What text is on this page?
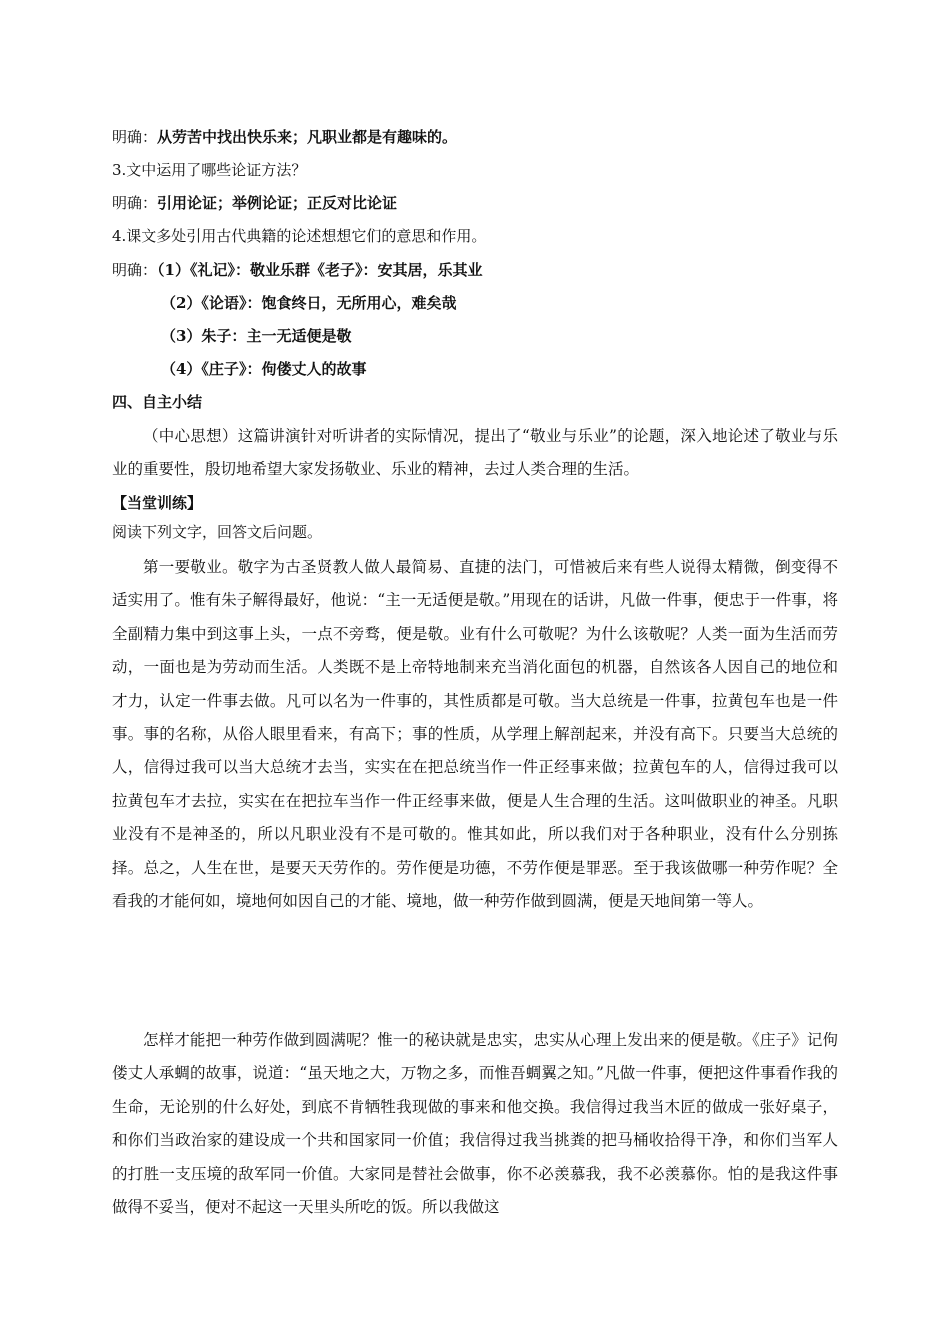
明确：从劳苦中找出快乐来；凡职业都是有趣味的。
3.文中运用了哪些论证方法？
明确：引用论证；举例论证；正反对比论证
4.课文多处引用古代典籍的论述想想它们的意思和作用。
明确：（1）《礼记》：敬业乐群《老子》：安其居，乐其业
（2）《论语》：饱食终日，无所用心，难矣哉
（3）朱子：主一无适便是敬
（4）《庄子》：佝偻丈人的故事
四、自主小结
（中心思想）这篇讲演针对听讲者的实际情况，提出了“敬业与乐业”的论题，深入地论述了敬业与乐业的重要性，殷切地希望大家发扬敬业、乐业的精神，去过人类合理的生活。
【当堂训练】
阅读下列文字，回答文后问题。
第一要敬业。敬字为古圣贤教人做人最简易、直捷的法门，可惜被后来有些人说得太精微，倒变得不适实用了。惟有朱子解得最好，他说：“主一无适便是敬。”用现在的话讲，凡做一件事，便忠于一件事，将全副精力集中到这事上头，一点不旁骛，便是敬。业有什么可敬呢？为什么该敬呢？人类一面为生活而劳动，一面也是为劳动而生活。人类既不是上帝特地制来充当消化面包的机器，自然该各人因自己的地位和才力，认定一件事去做。凡可以名为一件事的，其性质都是可敬。当大总统是一件事，拉黄包车也是一件事。事的名称，从俗人眼里看来，有高下；事的性质，从学理上解剖起来，并没有高下。只要当大总统的人，信得过我可以当大总统才去当，实实在在把总统当作一件正经事来做；拉黄包车的人，信得过我可以拉黄包车才去拉，实实在在把拉车当作一件正经事来做，便是人生合理的生活。这叫做职业的神圣。凡职业没有不是神圣的，所以凡职业没有不是可敬的。惟其如此，所以我们对于各种职业，没有什么分别拣择。总之，人生在世，是要天天劳作的。劳作便是功德，不劳作便是罪恶。至于我该做哪一种劳作呢？全看我的才能何如，境地何如因自己的才能、境地，做一种劳作做到圆满，便是天地间第一等人。
怎样才能把一种劳作做到圆满呢？惟一的秘诀就是忠实，忠实从心理上发出来的便是敬。《庄子》记佝偻丈人承蜩的故事，说道：“虽天地之大，万物之多，而惟吾蜩翼之知。”凡做一件事，便把这件事看作我的生命，无论别的什么好处，到底不肯牺牲我现做的事来和他交换。我信得过我当木匠的做成一张好桌子，和你们当政治家的建设成一个共和国家同一价值；我信得过我当挑粪的把马桶收拾得干净，和你们当军人的打胜一支压境的敌军同一价值。大家同是替社会做事，你不必羡慕我，我不必羡慕你。怕的是我这件事做得不妥当，便对不起这一天里头所吃的饭。所以我做这
